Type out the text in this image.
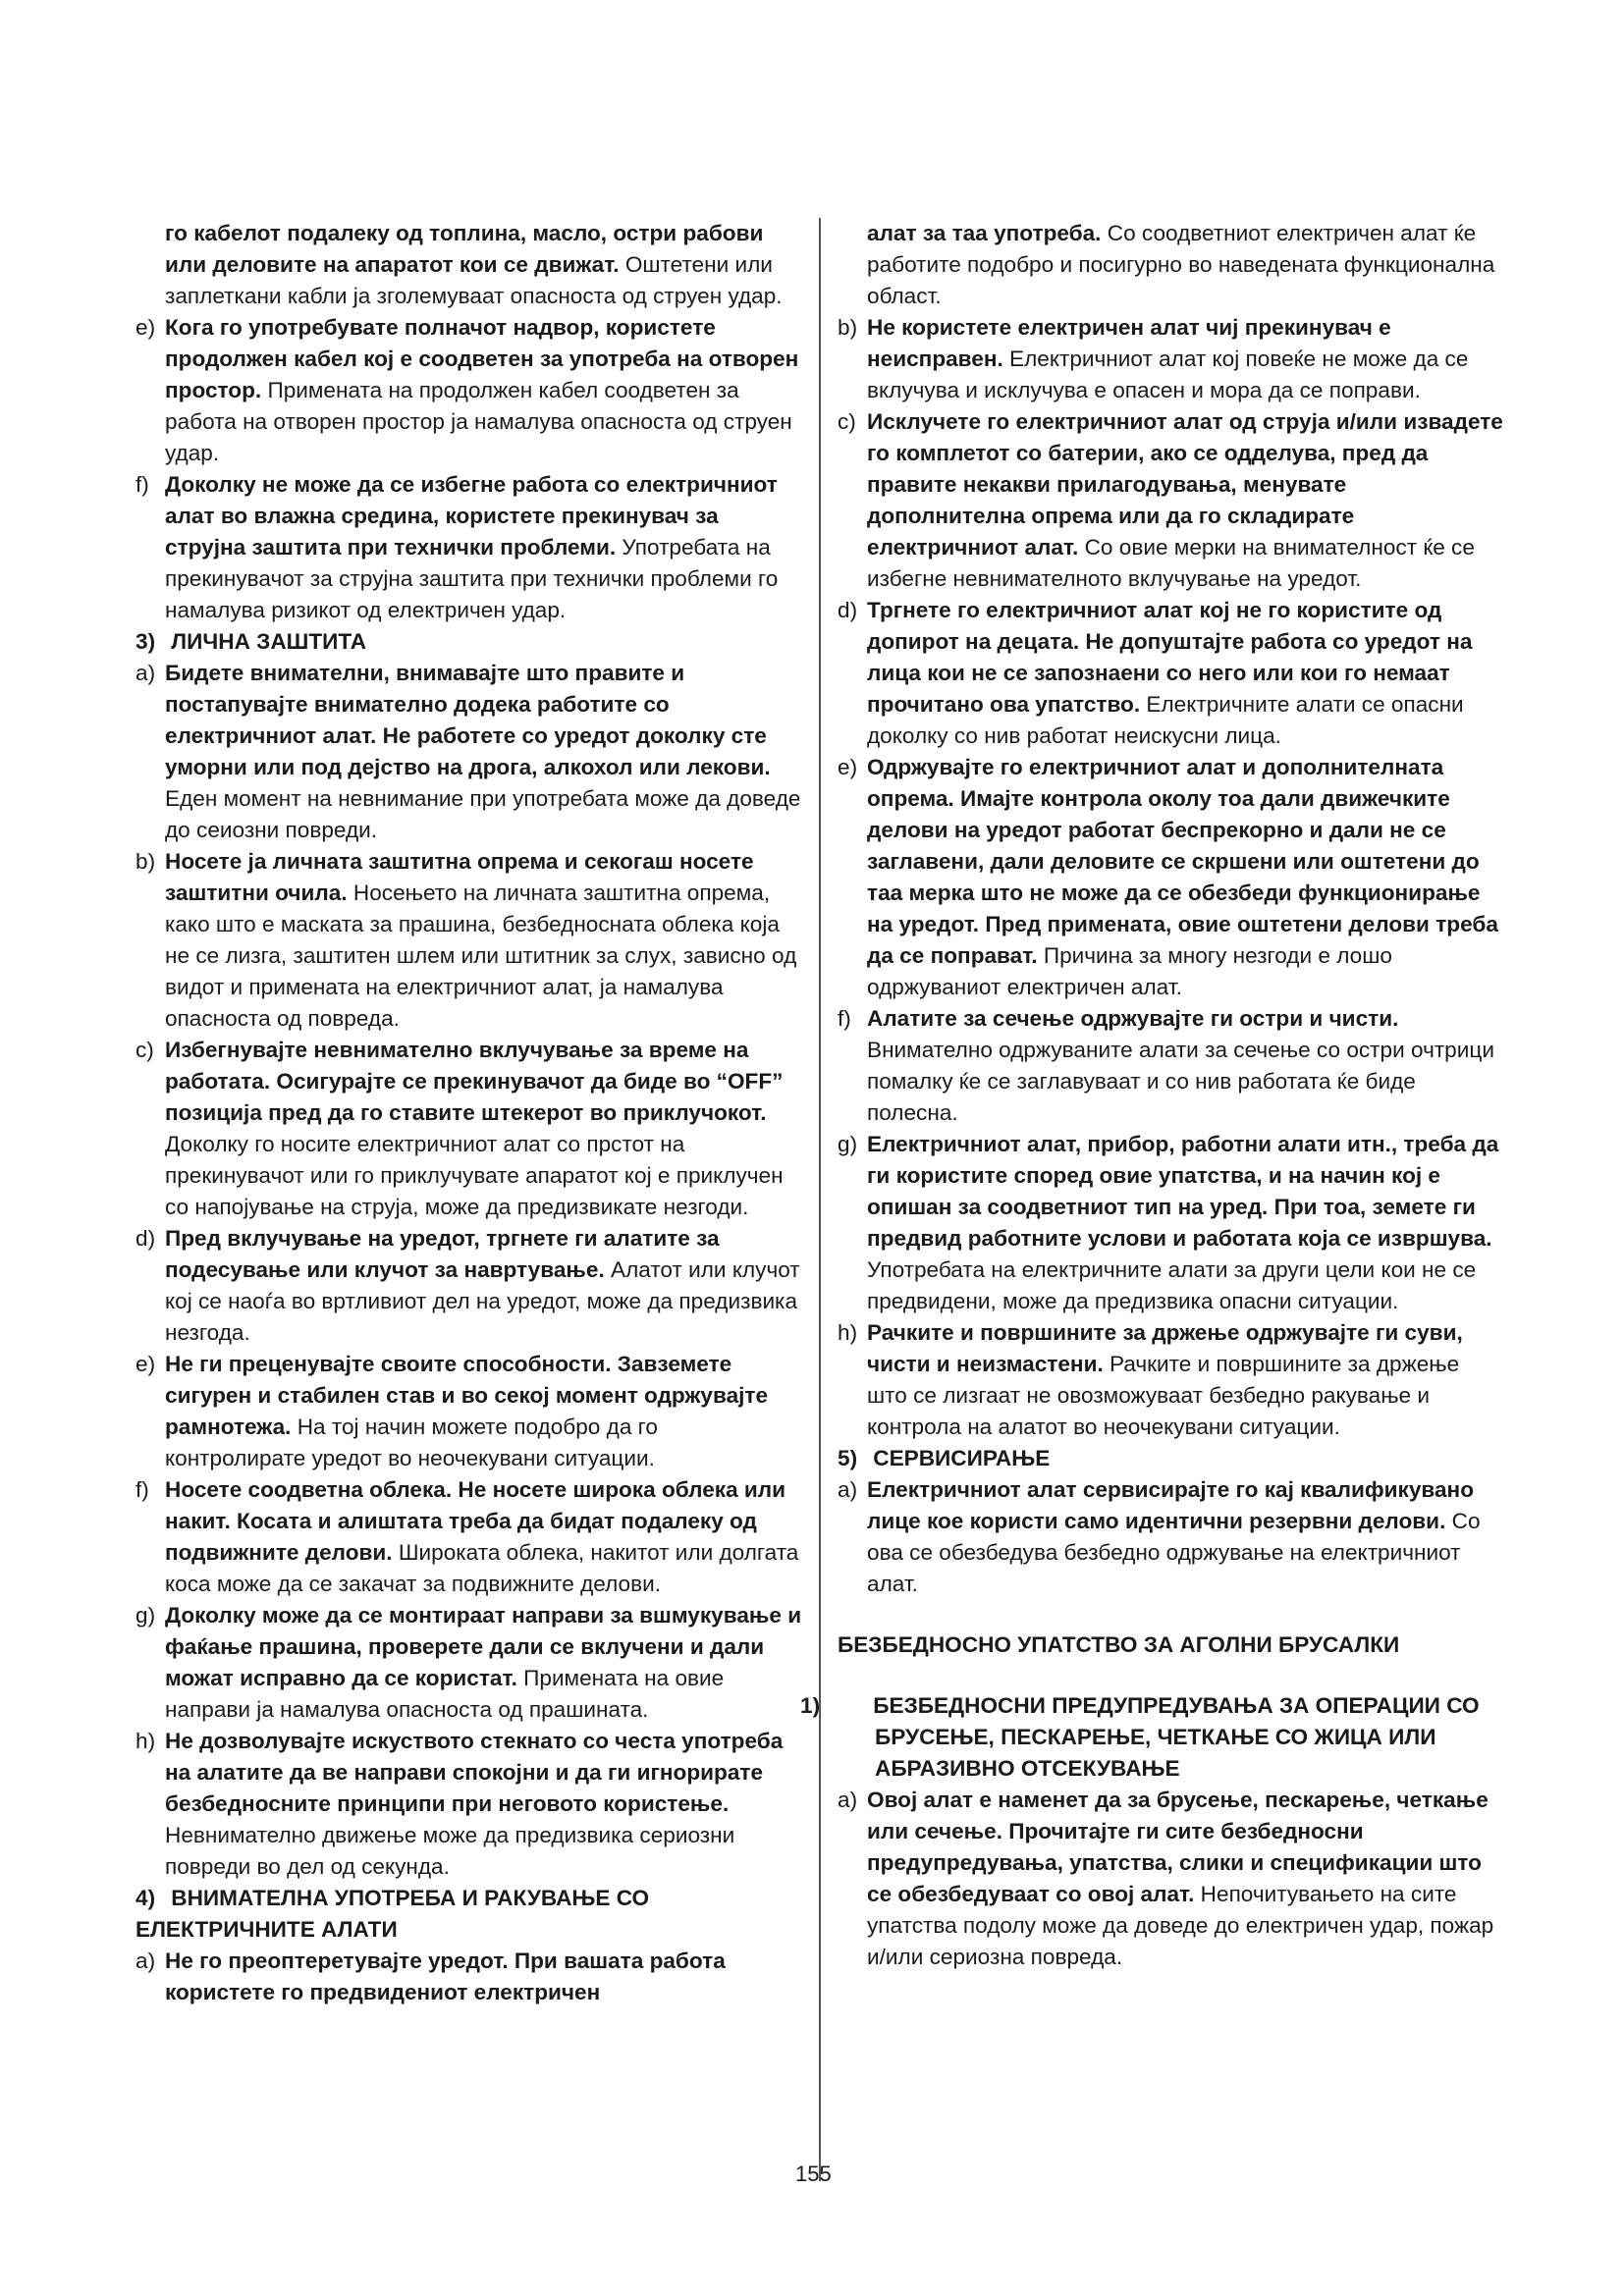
го кабелот подалеку од топлина, масло, остри рабови или деловите на апаратот кои се движат. Оштетени или заплеткани кабли ја зголемуваат опасноста од струен удар.
e) Кога го употребувате полначот надвор, користете продолжен кабел кој е соодветен за употреба на отворен простор. Примената на продолжен кабел соодветен за работа на отворен простор ја намалува опасноста од струен удар.
f) Доколку не може да се избегне работа со електричниот алат во влажна средина, користете прекинувач за струјна заштита при технички проблеми. Употребата на прекинувачот за струјна заштита при технички проблеми го намалува ризикот од електричен удар.
3) ЛИЧНА ЗАШТИТА
a) Бидете внимателни, внимавајте што правите и постапувајте внимателно додека работите со електричниот алат. Не работете со уредот доколку сте уморни или под дејство на дрога, алкохол или лекови. Еден момент на невнимание при употребата може да доведе до сеиозни повреди.
b) Носете ја личната заштитна опрема и секогаш носете заштитни очила. Носењето на личната заштитна опрема, како што е маската за прашина, безбедносната облека која не се лизга, заштитен шлем или штитник за слух, зависно од видот и примената на електричниот алат, ја намалува опасноста од повреда.
c) Избегнувајте невнимателно вклучување за време на работата. Осигурајте се прекинувачот да биде во “OFF” позиција пред да го ставите штекерот во приклучокот. Доколку го носите електричниот алат со прстот на прекинувачот или го приклучувате апаратот кој е приклучен со напојување на струја, може да предизвикате незгоди.
d) Пред вклучување на уредот, тргнете ги алатите за подесување или клучот за навртување. Алатот или клучот кој се наоѓа во вртливиот дел на уредот, може да предизвика незгода.
e) Не ги преценувајте своите способности. Завземете сигурен и стабилен став и во секој момент одржувајте рамнотежа. На тој начин можете подобро да го контролирате уредот во неочекувани ситуации.
f) Носете соодветна облека. Не носете широка облека или накит. Косата и алиштата треба да бидат подалеку од подвижните делови. Широката облека, накитот или долгата коса може да се закачат за подвижните делови.
g) Доколку може да се монтираат направи за вшмукување и фаќање прашина, проверете дали се вклучени и дали можат исправно да се користат. Примената на овие направи ја намалува опасноста од прашината.
h) Не дозволувајте искуството стекнато со честа употреба на алатите да ве направи спокојни и да ги игнорирате безбедносните принципи при неговото користење. Невнимателно движење може да предизвика сериозни повреди во дел од секунда.
4) ВНИМАТЕЛНА УПОТРЕБА И РАКУВАЊЕ СО ЕЛЕКТРИЧНИТЕ АЛАТИ
a) Не го преоптеретувајте уредот. При вашата работа користете го предвидениот електричен
алат за таа употреба. Со соодветниот електричен алат ќе работите подобро и посигурно во наведената функционална област.
b) Не користете електричен алат чиј прекинувач е неисправен. Електричниот алат кој повеќе не може да се вклучува и исклучува е опасен и мора да се поправи.
c) Исклучете го електричниот алат од струја и/или извадете го комплетот со батерии, ако се одделува, пред да правите некакви прилагодувања, менувате дополнителна опрема или да го складирате електричниот алат. Со овие мерки на внимателност ќе се избегне невнимателното вклучување на уредот.
d) Тргнете го електричниот алат кој не го користите од допирот на децата. Не допуштајте работа со уредот на лица кои не се запознаени со него или кои го немаат прочитано ова упатство. Електричните алати се опасни доколку со нив работат неискусни лица.
e) Одржувајте го електричниот алат и дополнителната опрема. Имајте контрола околу тоа дали движечките делови на уредот работат беспрекорно и дали не се заглавени, дали деловите се скршени или оштетени до таа мерка што не може да се обезбеди функционирање на уредот. Пред примената, овие оштетени делови треба да се поправат. Причина за многу незгоди е лошо одржуваниот електричен алат.
f) Алатите за сечење одржувајте ги остри и чисти. Внимателно одржуваните алати за сечење со остри очтрици помалку ќе се заглавуваат и со нив работата ќе биде полесна.
g) Електричниот алат, прибор, работни алати итн., треба да ги користите според овие упатства, и на начин кој е опишан за соодветниот тип на уред. При тоа, земете ги предвид работните услови и работата која се извршува. Употребата на електричните алати за други цели кои не се предвидени, може да предизвика опасни ситуации.
h) Рачките и површините за држење одржувајте ги суви, чисти и неизмастени. Рачките и површините за држење што се лизгаат не овозможуваат безбедно ракување и контрола на алатот во неочекувани ситуации.
5) СЕРВИСИРАЊЕ
a) Електричниот алат сервисирајте го кај квалификувано лице кое користи само идентични резервни делови. Со ова се обезбедува безбедно одржување на електричниот алат.
БЕЗБЕДНОСНО УПАТСТВО ЗА АГОЛНИ БРУСАЛКИ
1) БЕЗБЕДНОСНИ ПРЕДУПРЕДУВАЊА ЗА ОПЕРАЦИИ СО БРУСЕЊЕ, ПЕСКАРЕЊЕ, ЧЕТКАЊЕ СО ЖИЦА ИЛИ АБРАЗИВНО ОТСЕКУВАЊЕ
a) Овој алат е наменет да за брусење, пескарење, четкање или сечење. Прочитајте ги сите безбедносни предупредувања, упатства, слики и спецификации што се обезбедуваат со овој алат. Непочитувањето на сите упатства подолу може да доведе до електричен удар, пожар и/или сериозна повреда.
155
